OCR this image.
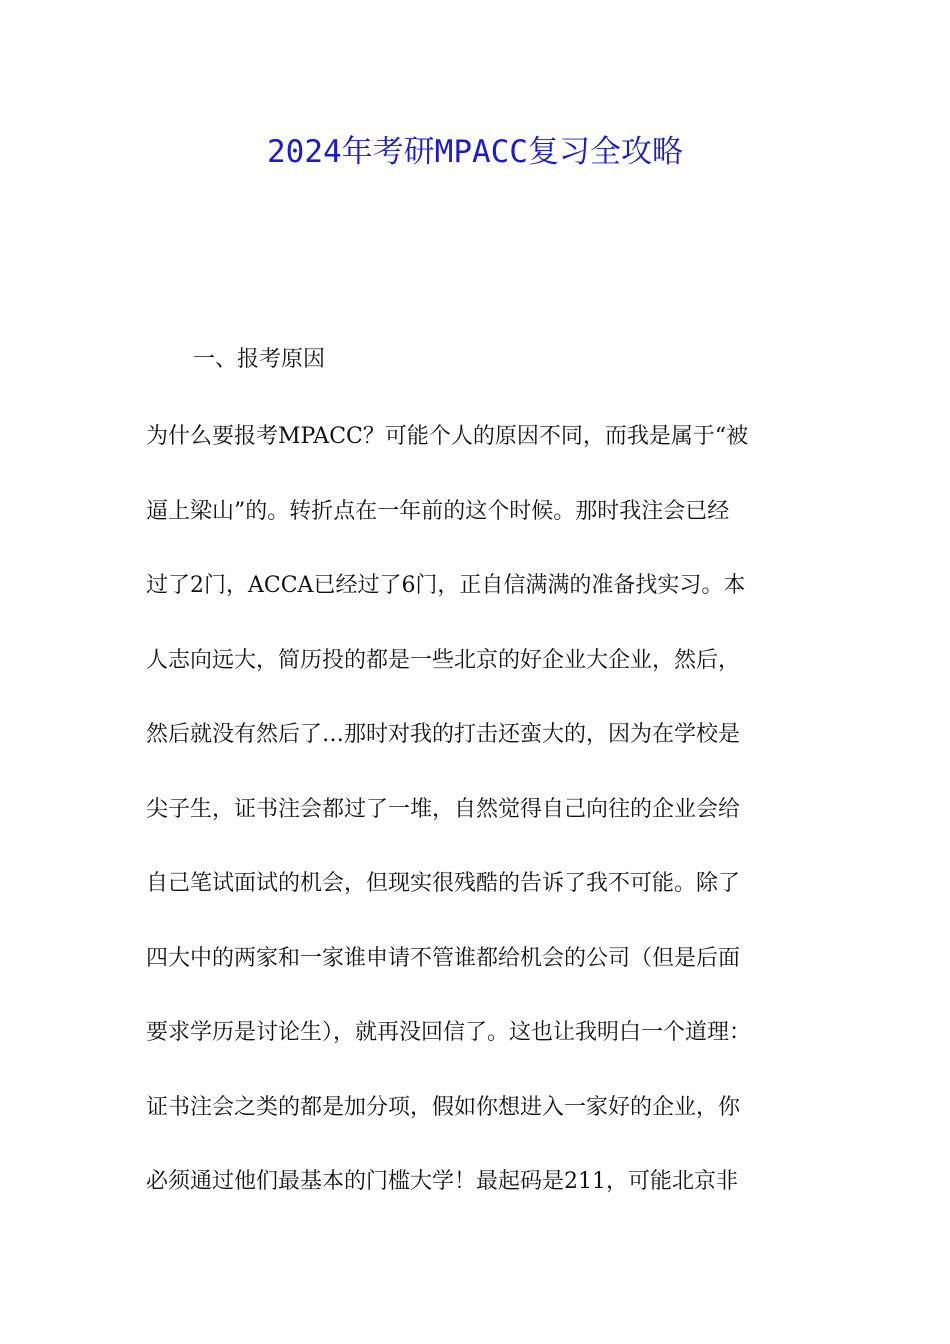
2024年考研MPACC复习全攻略
一、报考原因
为什么要报考MPACC？可能个人的原因不同，而我是属于“被
逼上梁山”的。转折点在一年前的这个时候。那时我注会已经
过了2门，ACCA已经过了6门，正自信满满的准备找实习。本
人志向远大，简历投的都是一些北京的好企业大企业，然后，
然后就没有然后了…那时对我的打击还蛮大的，因为在学校是
尖子生，证书注会都过了一堆，自然觉得自己向往的企业会给
自己笔试面试的机会，但现实很残酷的告诉了我不可能。除了
四大中的两家和一家谁申请不管谁都给机会的公司（但是后面
要求学历是讨论生），就再没回信了。这也让我明白一个道理：
证书注会之类的都是加分项，假如你想进入一家好的企业，你
必须通过他们最基本的门槛大学！最起码是211，可能北京非
